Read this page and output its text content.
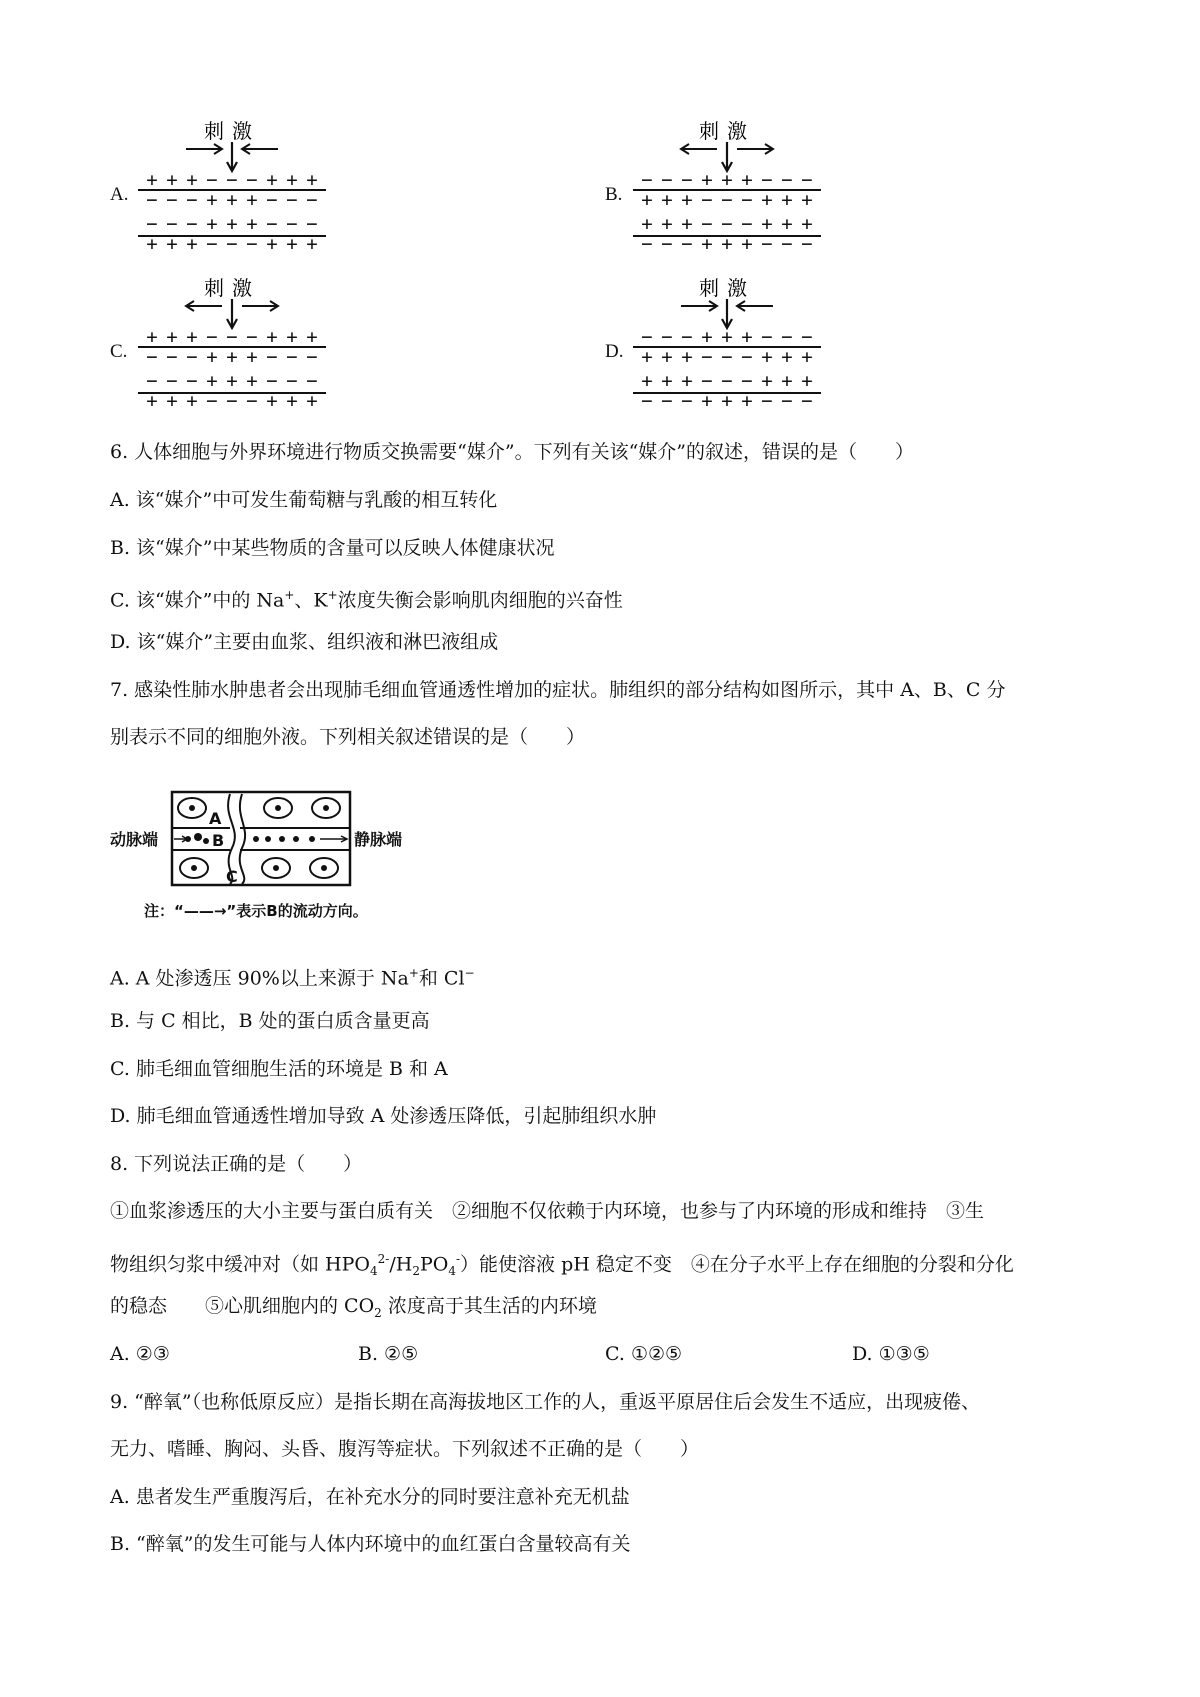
A.
刺激
+ + + − − − + + +
− − − + + + − − −
− − − + + + − − −
+ + + − − − + + +
B.
刺激
− − − + + + − − −
+ + + − − − + + +
+ + + − − − + + +
− − − + + + − − −
C.
刺激
+ + + − − − + + +
− − − + + + − − −
− − − + + + − − −
+ + + − − − + + +
D.
刺激
− − − + + + − − −
+ + + − − − + + +
+ + + − − − + + +
− − − + + + − − −
6. 人体细胞与外界环境进行物质交换需要“媒介”。下列有关该“媒介”的叙述，错误的是（　　）
A. 该“媒介”中可发生葡萄糖与乳酸的相互转化
B. 该“媒介”中某些物质的含量可以反映人体健康状况
C. 该“媒介”中的 Na+、K+浓度失衡会影响肌肉细胞的兴奋性
D. 该“媒介”主要由血浆、组织液和淋巴液组成
7. 感染性肺水肿患者会出现肺毛细血管通透性增加的症状。肺组织的部分结构如图所示，其中 A、B、C 分
别表示不同的细胞外液。下列相关叙述错误的是（　　）
动脉端	静脉端
A
B
C
注：“——→”表示B的流动方向。
A. A 处渗透压 90%以上来源于 Na+和 Cl−
B. 与 C 相比，B 处的蛋白质含量更高
C. 肺毛细血管细胞生活的环境是 B 和 A
D. 肺毛细血管通透性增加导致 A 处渗透压降低，引起肺组织水肿
8. 下列说法正确的是（　　）
①血浆渗透压的大小主要与蛋白质有关　②细胞不仅依赖于内环境，也参与了内环境的形成和维持　③生
物组织匀浆中缓冲对（如 $HPO_4^{2-}/H_2PO_4^-$）能使溶液 pH 稳定不变　④在分子水平上存在细胞的分裂和分化
的稳态　　⑤心肌细胞内的 $CO_2$ 浓度高于其生活的内环境
A. ②③	B. ②⑤	C. ①②⑤	D. ①③⑤
9. “醉氧”（也称低原反应）是指长期在高海拔地区工作的人，重返平原居住后会发生不适应，出现疲倦、
无力、嗜睡、胸闷、头昏、腹泻等症状。下列叙述不正确的是（　　）
A. 患者发生严重腹泻后，在补充水分的同时要注意补充无机盐
B. “醉氧”的发生可能与人体内环境中的血红蛋白含量较高有关
